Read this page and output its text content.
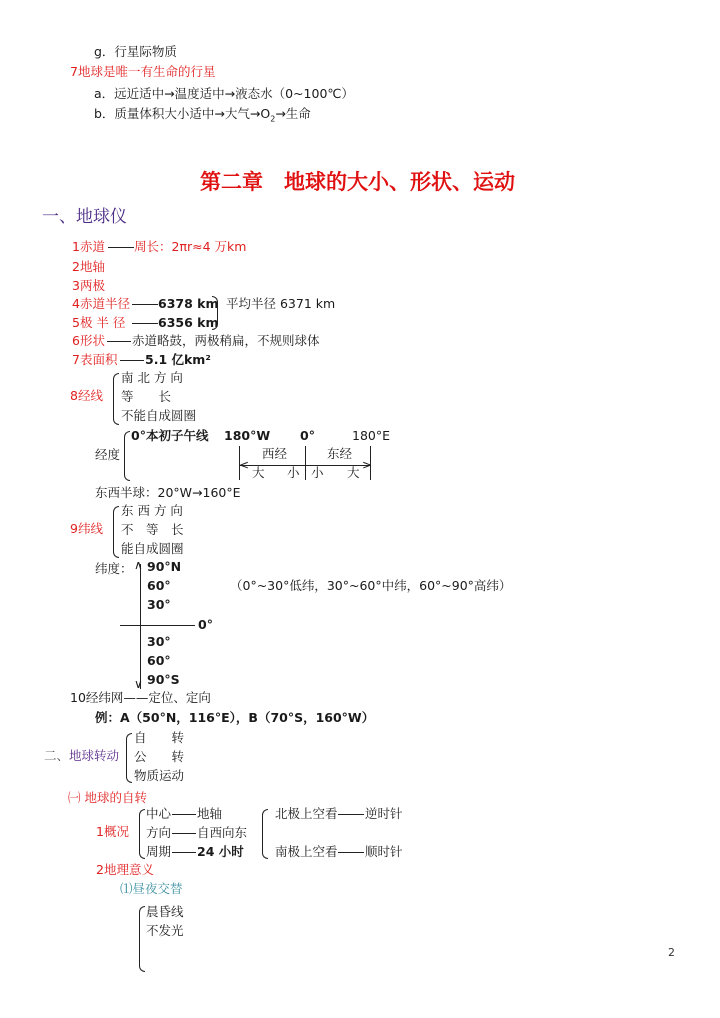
g．行星际物质
7地球是唯一有生命的行星
a．远近适中→温度适中→液态水（0~100℃）
b．质量体积大小适中→大气$\to O_2\to$生命
第二章　地球的大小、形状、运动
一、地球仪
1赤道 周长：2πr≈4 万km
2地轴
3两极
4赤道半径 6378 km
5极 半 径	6356 km
平均半径 6371 km
6形状 赤道略鼓，两极稍扁，不规则球体
7表面积 5.1 亿km²
8经线
南 北 方 向
等　　长
不能自成圆圈
经度
0°本初子午线 180°W 0°	180°E
<	>
西经	东经
大 小 小 大
东西半球：20°W→160°E
9纬线
东 西 方 向
不　等　长
能自成圆圈
纬度： ∧
∨
90°N
60°
30°
0°
30°
60°
90°S
（0°~30°低纬，30°~60°中纬，60°~90°高纬）
10经纬网——定位、定向
例：A（50°N，116°E），B（70°S，160°W）
二、地球转动
自　　转
公　　转
物质运动
㈠ 地球的自转
1概况
中心 地轴
方向 自西向东
周期 24 小时
北极上空看 逆时针
南极上空看 顺时针
2地理意义
⑴昼夜交替
晨昏线
不发光
2
